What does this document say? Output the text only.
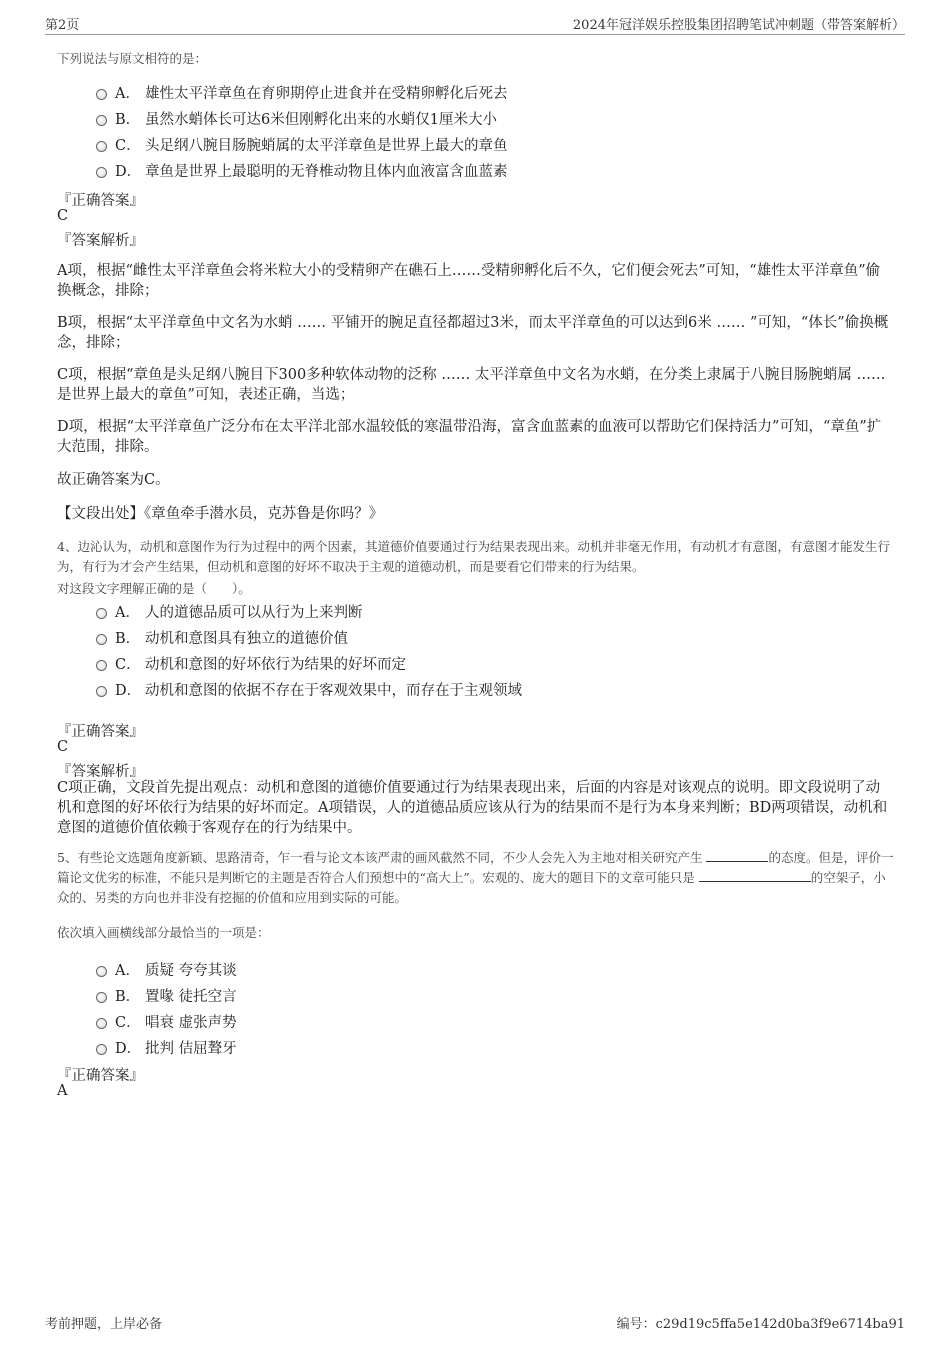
第2页	2024年冠洋娱乐控股集团招聘笔试冲刺题（带答案解析）
下列说法与原文相符的是：
A． 雄性太平洋章鱼在育卵期停止进食并在受精卵孵化后死去
B． 虽然水蛸体长可达6米但刚孵化出来的水蛸仅1厘米大小
C． 头足纲八腕目肠腕蛸属的太平洋章鱼是世界上最大的章鱼
D． 章鱼是世界上最聪明的无脊椎动物且体内血液富含血蓝素
『正确答案』
C
『答案解析』
A项，根据“雌性太平洋章鱼会将米粒大小的受精卵产在礁石上……受精卵孵化后不久，它们便会死去”可知，“雄性太平洋章鱼”偷换概念，排除；
B项，根据“太平洋章鱼中文名为水蛸 …… 平铺开的腕足直径都超过3米，而太平洋章鱼的可以达到6米 …… ”可知，“体长”偷换概念，排除；
C项，根据“章鱼是头足纲八腕目下300多种软体动物的泛称 …… 太平洋章鱼中文名为水蛸，在分类上隶属于八腕目肠腕蛸属 …… 是世界上最大的章鱼”可知，表述正确，当选；
D项，根据“太平洋章鱼广泛分布在太平洋北部水温较低的寒温带沿海，富含血蓝素的血液可以帮助它们保持活力”可知，“章鱼”扩大范围，排除。
故正确答案为C。
【文段出处】《章鱼牵手潜水员，克苏鲁是你吗？》
4、边沁认为，动机和意图作为行为过程中的两个因素，其道德价值要通过行为结果表现出来。动机并非毫无作用，有动机才有意图，有意图才能发生行为，有行为才会产生结果，但动机和意图的好坏不取决于主观的道德动机，而是要看它们带来的行为结果。
对这段文字理解正确的是（　　）。
A． 人的道德品质可以从行为上来判断
B． 动机和意图具有独立的道德价值
C． 动机和意图的好坏依行为结果的好坏而定
D． 动机和意图的依据不存在于客观效果中，而存在于主观领域
『正确答案』
C
『答案解析』
C项正确，文段首先提出观点：动机和意图的道德价值要通过行为结果表现出来，后面的内容是对该观点的说明。即文段说明了动机和意图的好坏依行为结果的好坏而定。A项错误，人的道德品质应该从行为的结果而不是行为本身来判断；BD两项错误，动机和意图的道德价值依赖于客观存在的行为结果中。
5、有些论文选题角度新颖、思路清奇，乍一看与论文本该严肃的画风截然不同，不少人会先入为主地对相关研究产生	的态度。但是，评价一篇论文优劣的标准，不能只是判断它的主题是否符合人们预想中的“高大上”。宏观的、庞大的题目下的文章可能只是	的空架子，小众的、另类的方向也并非没有挖掘的价值和应用到实际的可能。
依次填入画横线部分最恰当的一项是：
A． 质疑 夸夸其谈
B． 置喙 徒托空言
C． 唱衰 虚张声势
D． 批判 佶屈聱牙
『正确答案』
A
考前押题，上岸必备	编号：c29d19c5ffa5e142d0ba3f9e6714ba91
